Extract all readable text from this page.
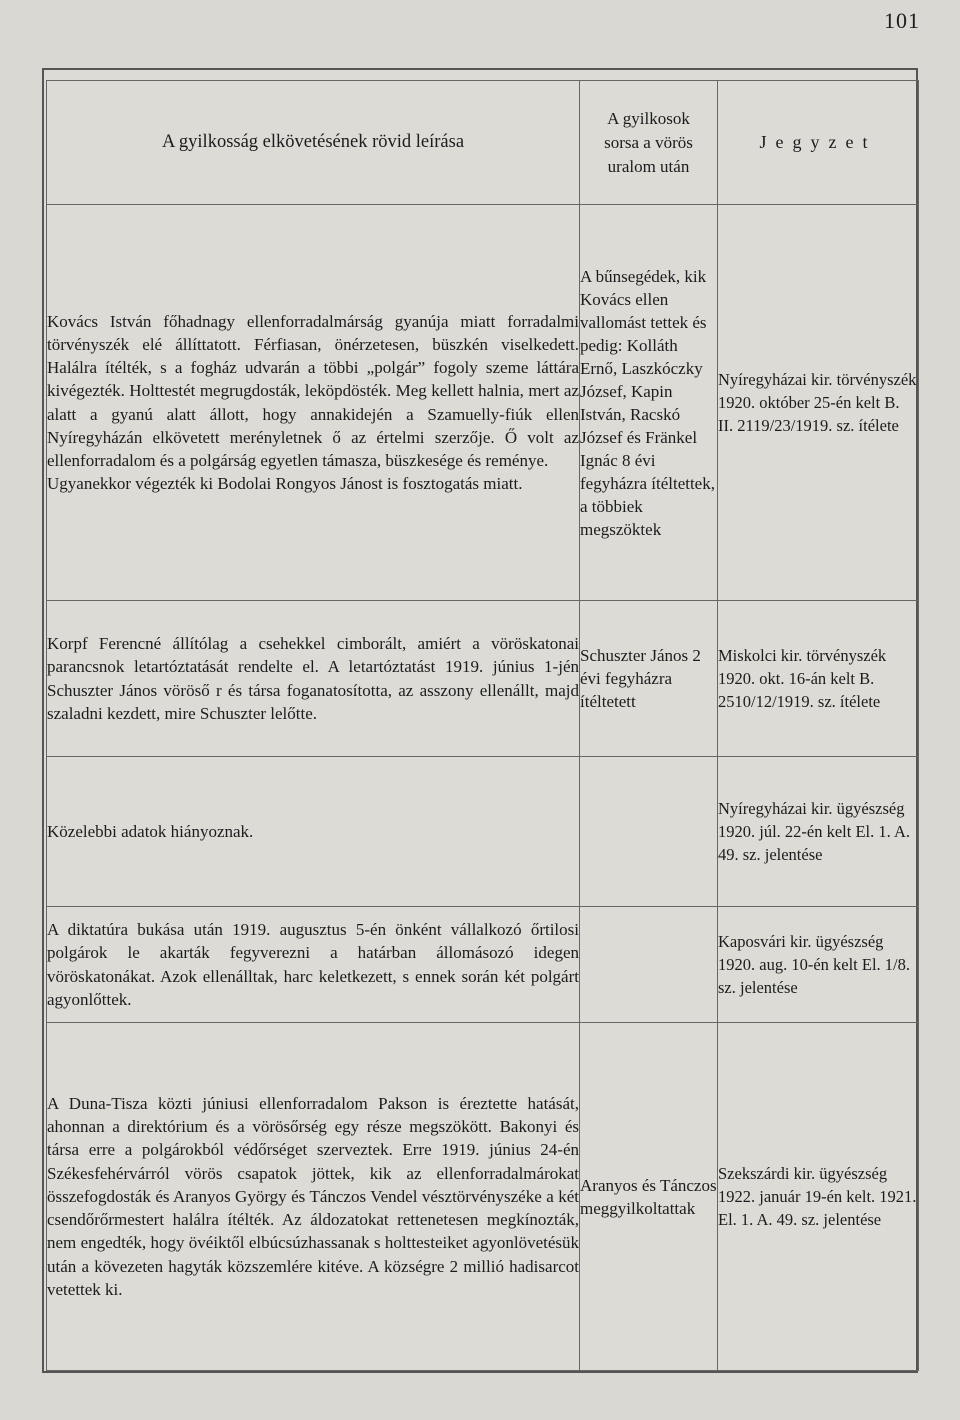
101
A gyilkosság elkövetésének rövid leírása	A gyilkosok
sorsa a vörös
uralom után	Jegyzet

Kovács István főhadnagy ellenforradalmárság gyanúja miatt forradalmi törvényszék elé állíttatott. Férfiasan, önérzetesen, büszkén viselkedett. Halálra ítélték, s a fogház udvarán a többi „polgár” fogoly szeme láttára kivégezték. Holttestét megrugdosták, leköpdösték. Meg kellett halnia, mert az alatt a gyanú alatt állott, hogy annakidején a Szamuelly-fiúk ellen Nyíregyházán elkövetett merényletnek ő az értelmi szerzője. Ő volt az ellenforradalom és a polgárság egyetlen támasza, büszkesége és reménye.
Ugyanekkor végezték ki Bodolai Rongyos Jánost is fosztogatás miatt.	A bűnsegédek, kik Kovács ellen vallomást tettek és pedig: Kolláth Ernő, Laszkóczky József, Kapin István, Racskó József és Fränkel Ignác 8 évi fegyházra ítéltettek, a többiek megszöktek	Nyíregyházai kir. törvényszék 1920. október 25-én kelt B. II. 2119/23/1919. sz. ítélete

Korpf Ferencné állítólag a csehekkel cimborált, amiért a vöröskatonai parancsnok letartóztatását rendelte el. A letartóztatást 1919. június 1-jén Schuszter János vöröső r és társa foganatosította, az asszony ellenállt, majd szaladni kezdett, mire Schuszter lelőtte.	Schuszter János 2 évi fegyházra ítéltetett	Miskolci kir. törvényszék 1920. okt. 16-án kelt B. 2510/12/1919. sz. ítélete

Közelebbi adatok hiányoznak.		Nyíregyházai kir. ügyészség 1920. júl. 22-én kelt El. 1. A. 49. sz. jelentése

A diktatúra bukása után 1919. augusztus 5-én önként vállalkozó őrtilosi polgárok le akarták fegyverezni a határban állomásozó idegen vöröskatonákat. Azok ellenálltak, harc keletkezett, s ennek során két polgárt agyonlőttek.		Kaposvári kir. ügyészség 1920. aug. 10-én kelt El. 1/8. sz. jelentése

A Duna-Tisza közti júniusi ellenforradalom Pakson is éreztette hatását, ahonnan a direktórium és a vörösőrség egy része megszökött. Bakonyi és társa erre a polgárokból védőrséget szerveztek. Erre 1919. június 24-én Székesfehérvárról vörös csapatok jöttek, kik az ellenforradalmárokat összefogdosták és Aranyos György és Tánczos Vendel vésztörvényszéke a két csendőrőrmestert halálra ítélték. Az áldozatokat rettenetesen megkínozták, nem engedték, hogy övéiktől elbúcsúzhassanak s holttesteiket agyonlövetésük után a kövezeten hagyták közszemlére kitéve. A községre 2 millió hadisarcot vetettek ki.	Aranyos és Tánczos meggyilkoltattak	Szekszárdi kir. ügyészség 1922. január 19-én kelt. 1921. El. 1. A. 49. sz. jelentése
